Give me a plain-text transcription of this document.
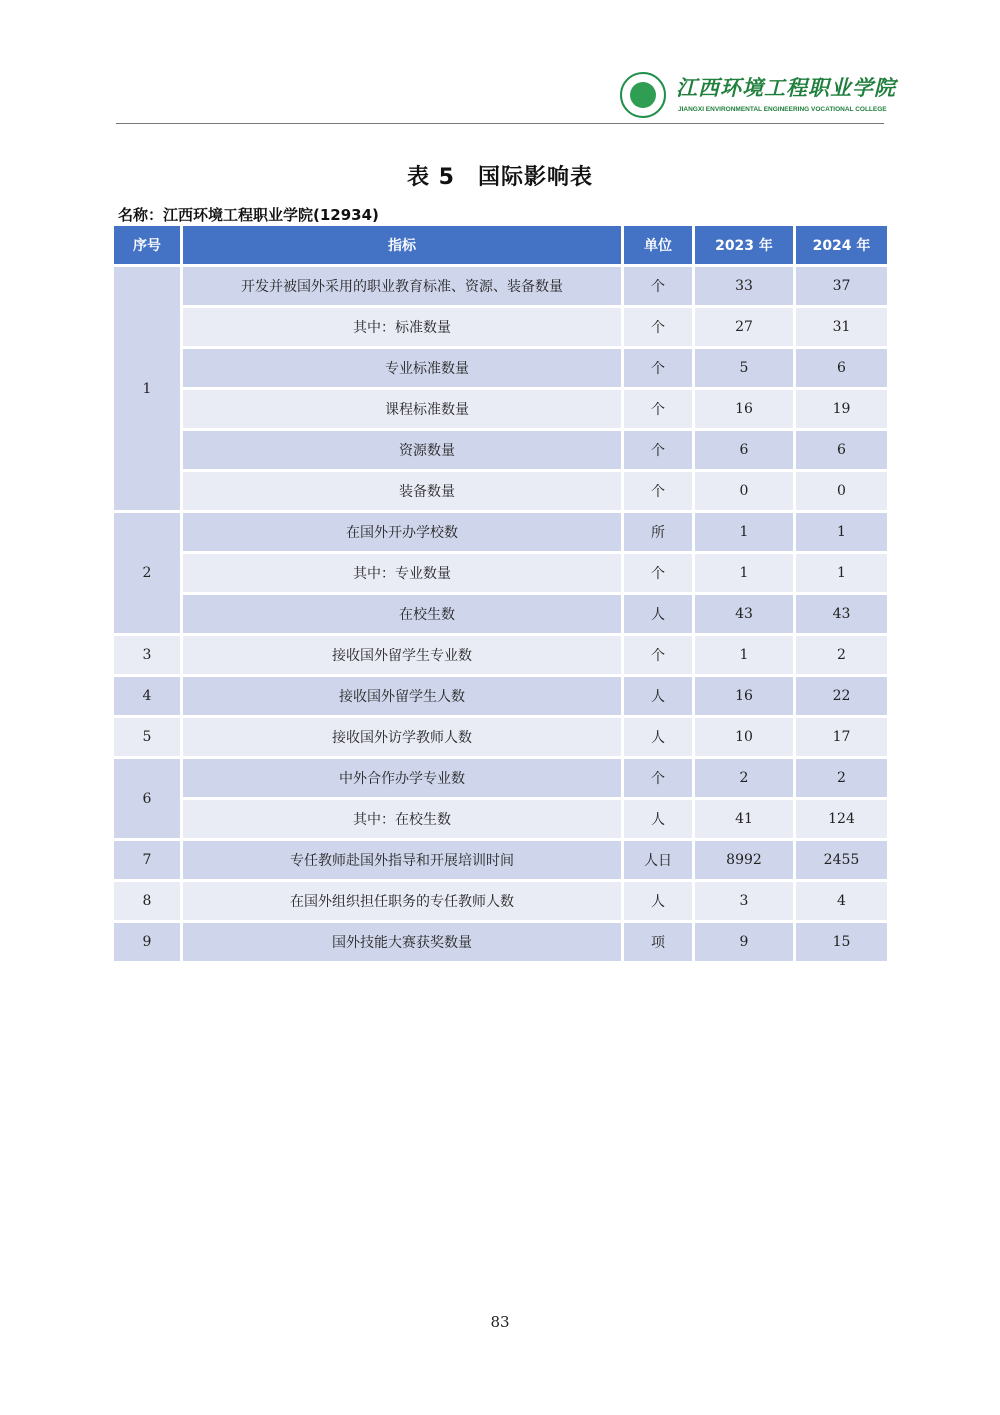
江西环境工程职业学院
JIANGXI ENVIRONMENTAL ENGINEERING VOCATIONAL COLLEGE
表 5　国际影响表
名称：江西环境工程职业学院(12934)
序号	指标	单位	2023 年	2024 年
1	开发并被国外采用的职业教育标准、资源、装备数量	个	33	37
	其中：标准数量	个	27	31
	专业标准数量	个	5	6
	课程标准数量	个	16	19
	资源数量	个	6	6
	装备数量	个	0	0
2	在国外开办学校数	所	1	1
	其中：专业数量	个	1	1
	在校生数	人	43	43
3	接收国外留学生专业数	个	1	2
4	接收国外留学生人数	人	16	22
5	接收国外访学教师人数	人	10	17
6	中外合作办学专业数	个	2	2
	其中：在校生数	人	41	124
7	专任教师赴国外指导和开展培训时间	人日	8992	2455
8	在国外组织担任职务的专任教师人数	人	3	4
9	国外技能大赛获奖数量	项	9	15
83
